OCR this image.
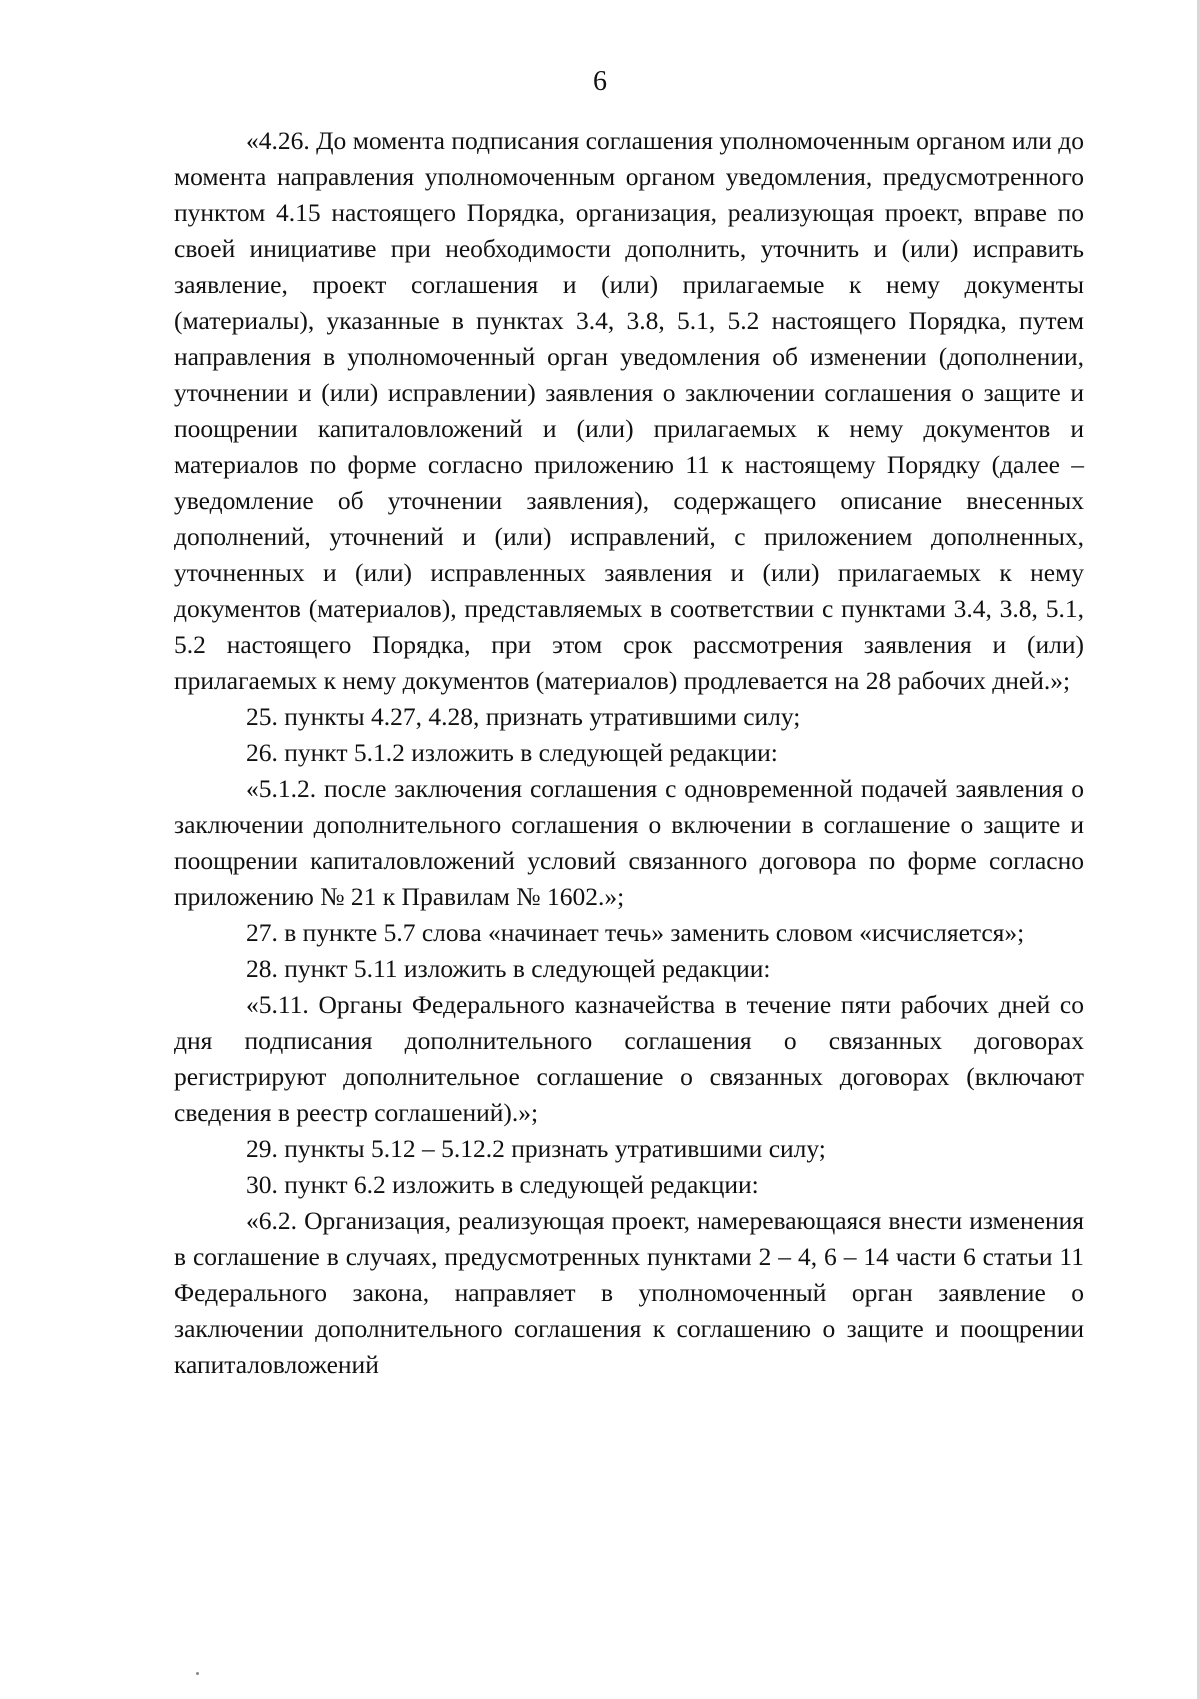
6

«4.26. До момента подписания соглашения уполномоченным органом или до момента направления уполномоченным органом уведомления, предусмотренного пунктом 4.15 настоящего Порядка, организация, реализующая проект, вправе по своей инициативе при необходимости дополнить, уточнить и (или) исправить заявление, проект соглашения и (или) прилагаемые к нему документы (материалы), указанные в пунктах 3.4, 3.8, 5.1, 5.2 настоящего Порядка, путем направления в уполномоченный орган уведомления об изменении (дополнении, уточнении и (или) исправлении) заявления о заключении соглашения о защите и поощрении капиталовложений и (или) прилагаемых к нему документов и материалов по форме согласно приложению 11 к настоящему Порядку (далее – уведомление об уточнении заявления), содержащего описание внесенных дополнений, уточнений и (или) исправлений, с приложением дополненных, уточненных и (или) исправленных заявления и (или) прилагаемых к нему документов (материалов), представляемых в соответствии с пунктами 3.4, 3.8, 5.1, 5.2 настоящего Порядка, при этом срок рассмотрения заявления и (или) прилагаемых к нему документов (материалов) продлевается на 28 рабочих дней.»;

25. пункты 4.27, 4.28, признать утратившими силу;

26. пункт 5.1.2 изложить в следующей редакции:

«5.1.2. после заключения соглашения с одновременной подачей заявления о заключении дополнительного соглашения о включении в соглашение о защите и поощрении капиталовложений условий связанного договора по форме согласно приложению № 21 к Правилам № 1602.»;

27. в пункте 5.7 слова «начинает течь» заменить словом «исчисляется»;

28. пункт 5.11 изложить в следующей редакции:

«5.11. Органы Федерального казначейства в течение пяти рабочих дней со дня подписания дополнительного соглашения о связанных договорах регистрируют дополнительное соглашение о связанных договорах (включают сведения в реестр соглашений).»;

29. пункты 5.12 – 5.12.2 признать утратившими силу;

30. пункт 6.2 изложить в следующей редакции:

«6.2. Организация, реализующая проект, намеревающаяся внести изменения в соглашение в случаях, предусмотренных пунктами 2 – 4, 6 – 14 части 6 статьи 11 Федерального закона, направляет в уполномоченный орган заявление о заключении дополнительного соглашения к соглашению о защите и поощрении капиталовложений
